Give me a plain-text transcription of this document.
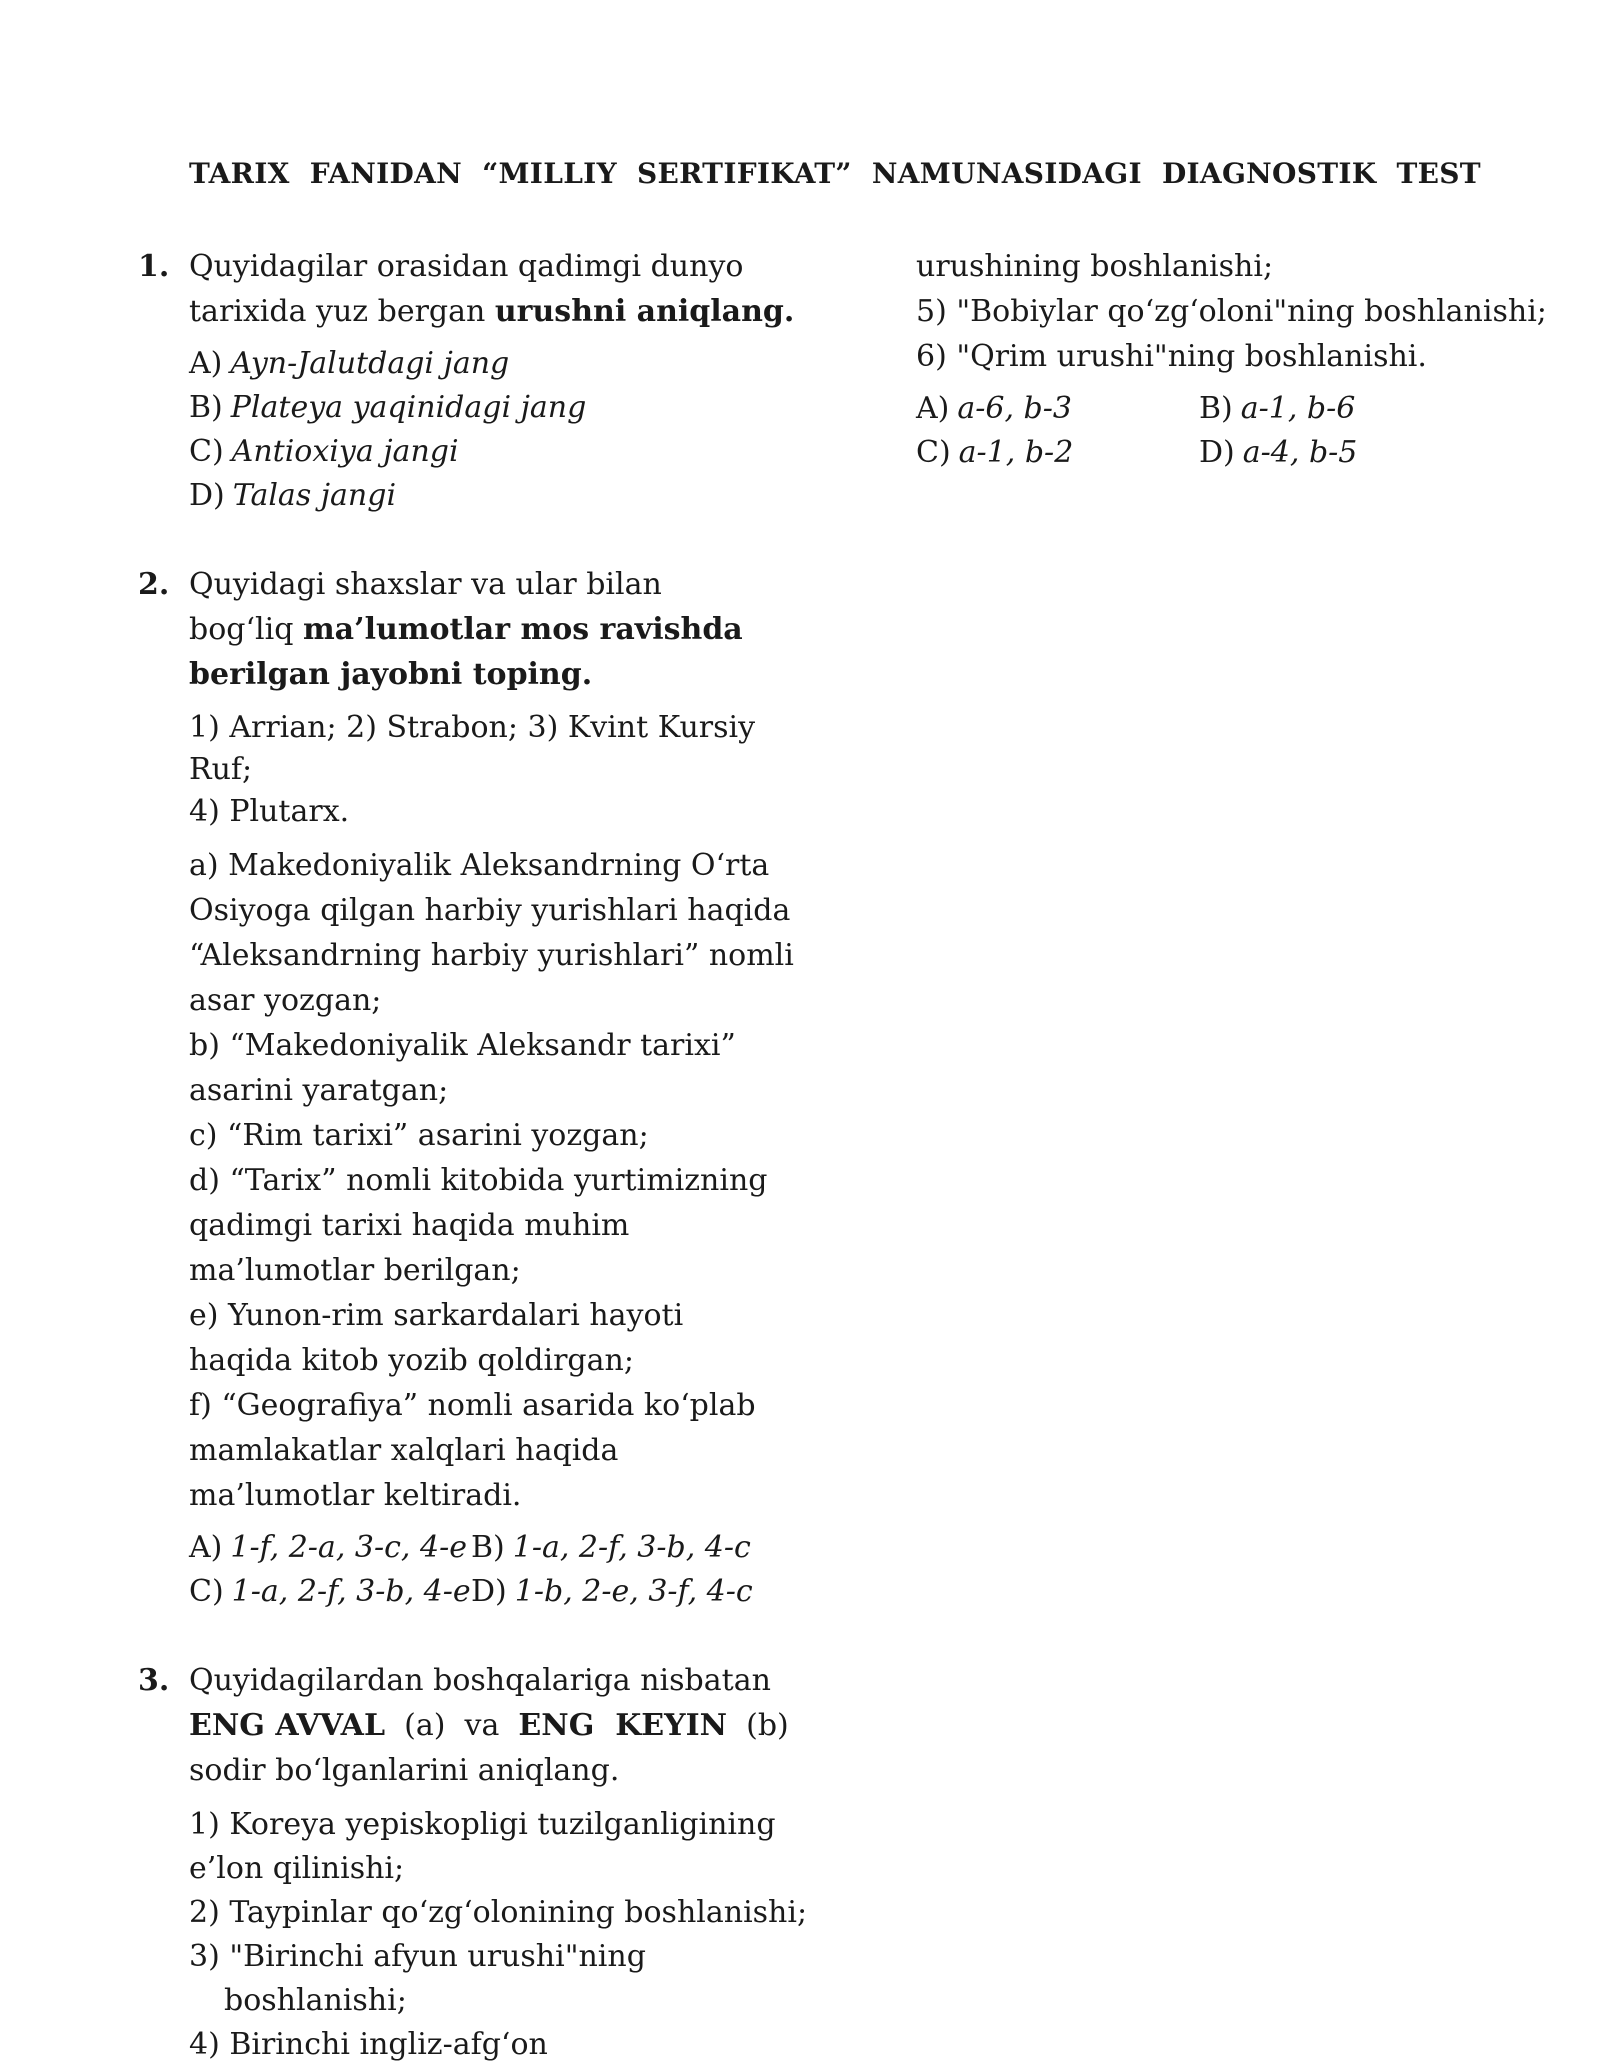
TARIX FANIDAN “MILLIY SERTIFIKAT” NAMUNASIDAGI DIAGNOSTIK TEST
1. Quyidagilar orasidan qadimgi dunyo
tarixida yuz bergan urushni aniqlang.
A) Ayn-Jalutdagi jang
B) Plateya yaqinidagi jang
C) Antioxiya jangi
D) Talas jangi
2. Quyidagi shaxslar va ular bilan
bog‘liq ma’lumotlar mos ravishda
berilgan jayobni toping.
1) Arrian; 2) Strabon; 3) Kvint Kursiy
Ruf;
4) Plutarx.
a) Makedoniyalik Aleksandrning O‘rta
Osiyoga qilgan harbiy yurishlari haqida
“Aleksandrning harbiy yurishlari” nomli
asar yozgan;
b) “Makedoniyalik Aleksandr tarixi”
asarini yaratgan;
c) “Rim tarixi” asarini yozgan;
d) “Tarix” nomli kitobida yurtimizning
qadimgi tarixi haqida muhim
ma’lumotlar berilgan;
e) Yunon-rim sarkardalari hayoti
haqida kitob yozib qoldirgan;
f) “Geografiya” nomli asarida ko‘plab
mamlakatlar xalqlari haqida
ma’lumotlar keltiradi.
A) 1-f, 2-a, 3-c, 4-e B) 1-a, 2-f, 3-b, 4-c
C) 1-a, 2-f, 3-b, 4-e D) 1-b, 2-e, 3-f, 4-c
3. Quyidagilardan boshqalariga nisbatan
ENG AVVAL (a) va ENG  KEYIN (b)
sodir bo‘lganlarini aniqlang.
1) Koreya yepiskopligi tuzilganligining
e’lon qilinishi;
2) Taypinlar qo‘zg‘olonining boshlanishi;
3) "Birinchi afyun urushi"ning
boshlanishi;
4) Birinchi ingliz-afg‘on
urushining boshlanishi;
5) "Bobiylar qo‘zg‘oloni"ning boshlanishi;
6) "Qrim urushi"ning boshlanishi.
A) a-6, b-3	B) a-1, b-6
C) a-1, b-2	D) a-4, b-5
